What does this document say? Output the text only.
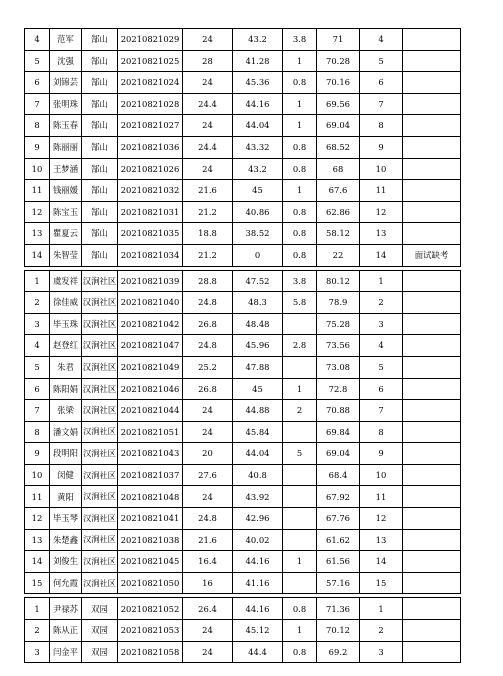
4	范军	郜山	20210821029	24	43.2	3.8	71	4	
5	沈强	郜山	20210821025	28	41.28	1	70.28	5	
6	刘锦芸	郜山	20210821024	24	45.36	0.8	70.16	6	
7	张明珠	郜山	20210821028	24.4	44.16	1	69.56	7	
8	陈玉春	郜山	20210821027	24	44.04	1	69.04	8	
9	陈丽丽	郜山	20210821036	24.4	43.32	0.8	68.52	9	
10	王梦涵	郜山	20210821026	24	43.2	0.8	68	10	
11	钱丽媛	郜山	20210821032	21.6	45	1	67.6	11	
12	陈宝玉	郜山	20210821031	21.2	40.86	0.8	62.86	12	
13	瞿夏云	郜山	20210821035	18.8	38.52	0.8	58.12	13	
14	朱智莹	郜山	20210821034	21.2	0	0.8	22	14	面试缺考

1	虞发祥	汉涧社区	20210821039	28.8	47.52	3.8	80.12	1	
2	徐佳威	汉涧社区	20210821040	24.8	48.3	5.8	78.9	2	
3	毕玉珠	汉涧社区	20210821042	26.8	48.48		75.28	3	
4	赵登红	汉涧社区	20210821047	24.8	45.96	2.8	73.56	4	
5	朱君	汉涧社区	20210821049	25.2	47.88		73.08	5	
6	陈阳娟	汉涧社区	20210821046	26.8	45	1	72.8	6	
7	张梁	汉涧社区	20210821044	24	44.88	2	70.88	7	
8	潘文娟	汉涧社区	20210821051	24	45.84		69.84	8	
9	段明阳	汉涧社区	20210821043	20	44.04	5	69.04	9	
10	闵健	汉涧社区	20210821037	27.6	40.8		68.4	10	
11	黄阳	汉涧社区	20210821048	24	43.92		67.92	11	
12	毕玉琴	汉涧社区	20210821041	24.8	42.96		67.76	12	
13	朱楚鑫	汉涧社区	20210821038	21.6	40.02		61.62	13	
14	刘俊生	汉涧社区	20210821045	16.4	44.16	1	61.56	14	
15	何允霞	汉涧社区	20210821050	16	41.16		57.16	15	

1	尹禄苏	双园	20210821052	26.4	44.16	0.8	71.36	1	
2	陈从正	双园	20210821053	24	45.12	1	70.12	2	
3	闫金平	双园	20210821058	24	44.4	0.8	69.2	3	
